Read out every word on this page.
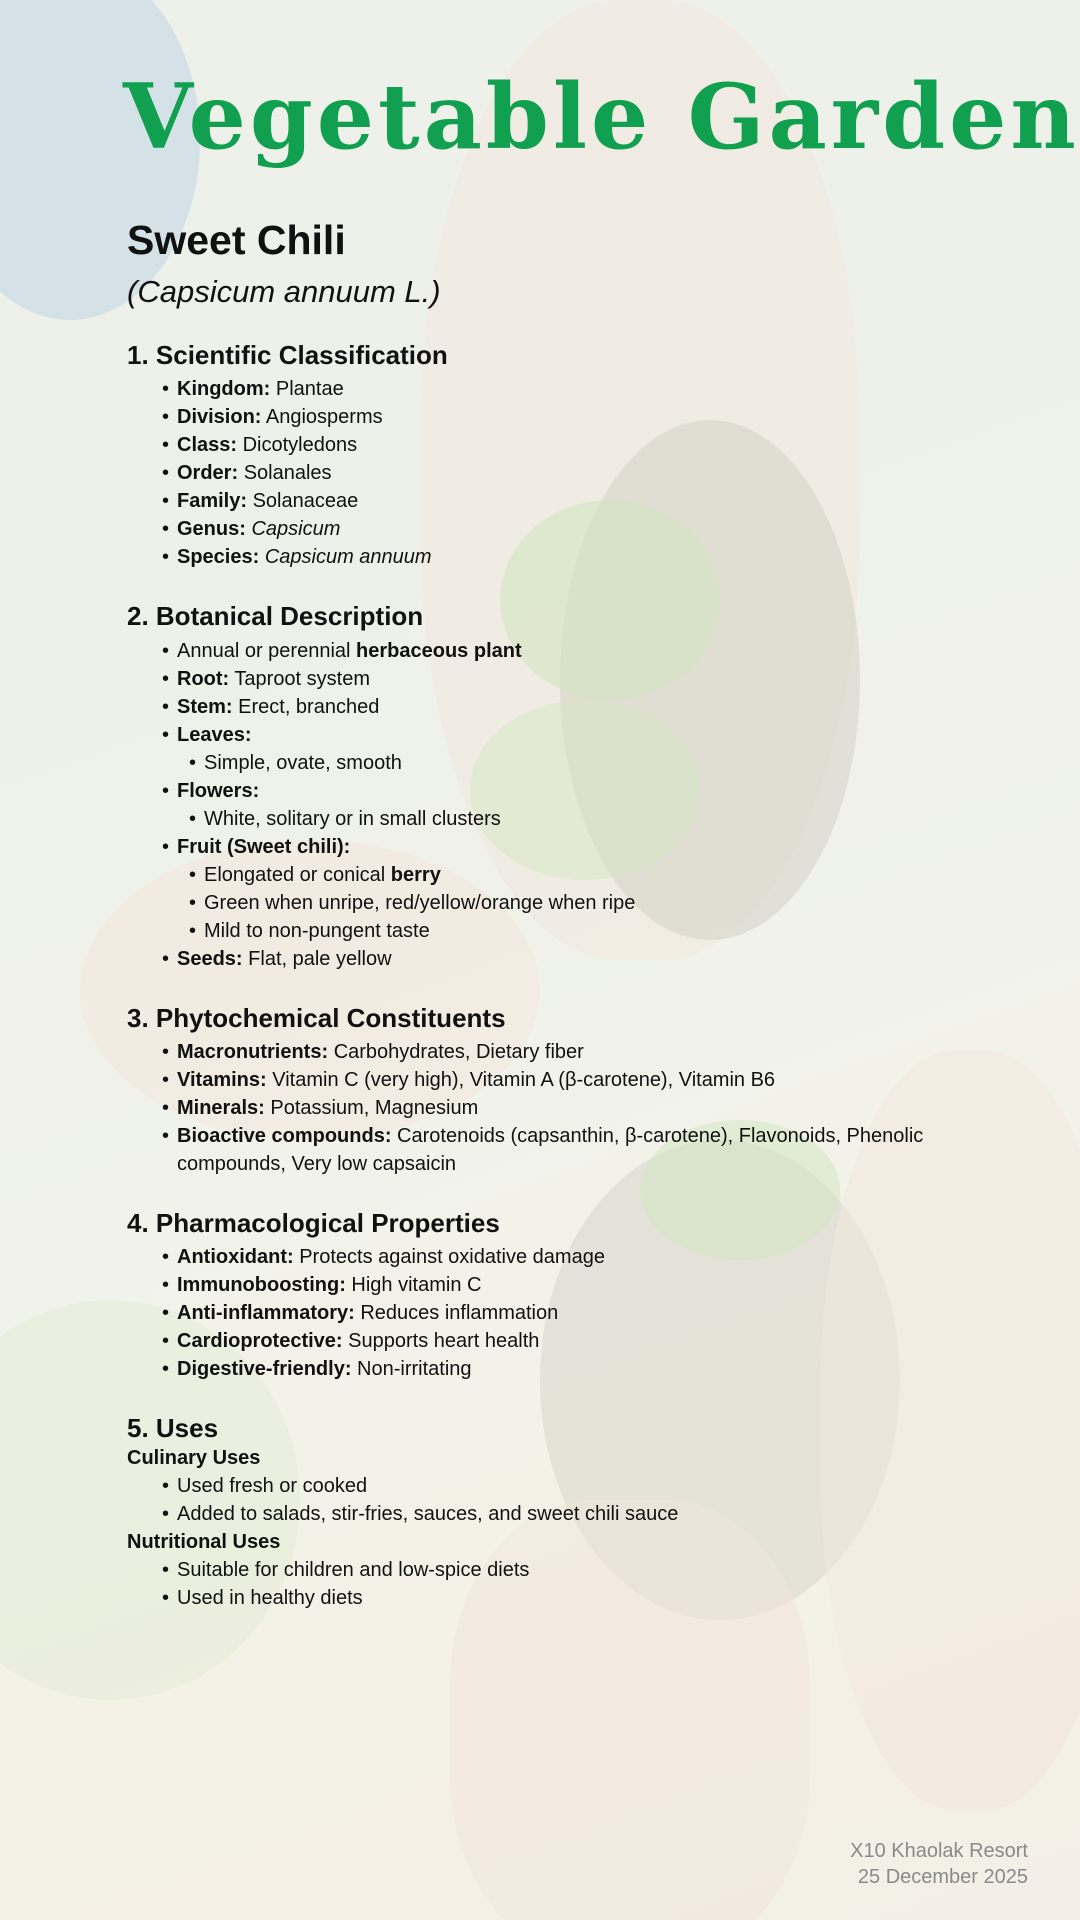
Vegetable Garden
Sweet Chili
(Capsicum annuum L.)
1. Scientific Classification
• Kingdom: Plantae
• Division: Angiosperms
• Class: Dicotyledons
• Order: Solanales
• Family: Solanaceae
• Genus: Capsicum
• Species: Capsicum annuum
2. Botanical Description
• Annual or perennial herbaceous plant
• Root: Taproot system
• Stem: Erect, branched
• Leaves:
• Simple, ovate, smooth
• Flowers:
• White, solitary or in small clusters
• Fruit (Sweet chili):
• Elongated or conical berry
• Green when unripe, red/yellow/orange when ripe
• Mild to non-pungent taste
• Seeds: Flat, pale yellow
3. Phytochemical Constituents
• Macronutrients: Carbohydrates, Dietary fiber
• Vitamins: Vitamin C (very high), Vitamin A (β-carotene), Vitamin B6
• Minerals: Potassium, Magnesium
• Bioactive compounds: Carotenoids (capsanthin, β-carotene), Flavonoids, Phenolic compounds, Very low capsaicin
4. Pharmacological Properties
• Antioxidant: Protects against oxidative damage
• Immunoboosting: High vitamin C
• Anti-inflammatory: Reduces inflammation
• Cardioprotective: Supports heart health
• Digestive-friendly: Non-irritating
5. Uses
Culinary Uses
• Used fresh or cooked
• Added to salads, stir-fries, sauces, and sweet chili sauce
Nutritional Uses
• Suitable for children and low-spice diets
• Used in healthy diets
X10 Khaolak Resort
25 December 2025
